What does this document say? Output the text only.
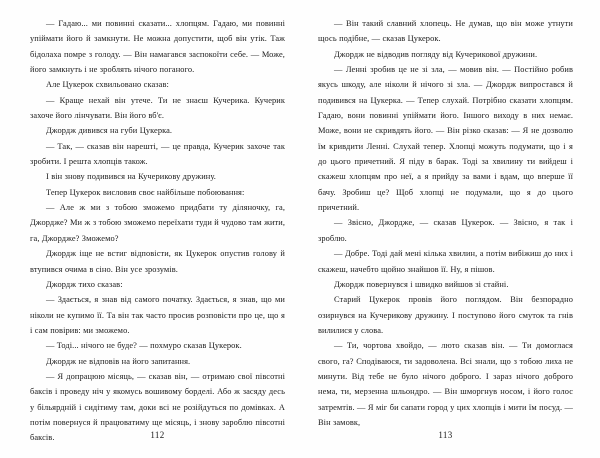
— Гадаю... ми повинні сказати... хлопцям. Гадаю, ми повинні упіймати його й замкнути. Не можна допустити, щоб він утік. Таж бідолаха помре з голоду. — Він намагався заспокоїти себе. — Може, його замкнуть і не зроблять нічого поганого.

Але Цукерок схвильовано сказав:

— Краще нехай він утече. Ти не знаєш Кучерика. Кучерик захоче його лінчувати. Він його вб'є.

Джордж дивився на губи Цукерка.

— Так, — сказав він нарешті, — це правда, Кучерик захоче так зробити. І решта хлопців також.

І він знову подивився на Кучерикову дружину.

Тепер Цукерок висловив своє найбільше побоювання:

— Але ж ми з тобою зможемо придбати ту діляночку, га, Джордже? Ми ж з тобою зможемо переїхати туди й чудово там жити, га, Джордже? Зможемо?

Джордж іще не встиг відповісти, як Цукерок опустив голову й втупився очима в сіно. Він усе зрозумів.

Джордж тихо сказав:

— Здається, я знав від самого початку. Здається, я знав, що ми ніколи не купимо її. Та він так часто просив розповісти про це, що я і сам повірив: ми зможемо.

— Тоді... нічого не буде? — похмуро сказав Цукерок.

Джордж не відповів на його запитання.

— Я допрацюю місяць, — сказав він, — отримаю свої півсотні баксів і проведу ніч у якомусь вошивому борделі. Або ж засяду десь у більярдній і сидітиму там, доки всі не розійдуться по домівках. А потім повернуся й працюватиму ще місяць, і знову зароблю півсотні баксів.	112

— Він такий славний хлопець. Не думав, що він може утнути щось подібне, — сказав Цукерок.

Джордж не відводив погляду від Кучерикової дружини.

— Ленні зробив це не зі зла, — мовив він. — Постійно робив якусь шкоду, але ніколи й нічого зі зла. — Джордж випростався й подивився на Цукерка. — Тепер слухай. Потрібно сказати хлопцям. Гадаю, вони повинні упіймати його. Іншого виходу в них немає. Може, вони не скривдять його. — Він різко сказав: — Я не дозволю їм кривдити Ленні. Слухай тепер. Хлопці можуть подумати, що і я до цього причетний. Я піду в барак. Тоді за хвилину ти вийдеш і скажеш хлопцям про неї, а я прийду за вами і вдам, що вперше її бачу. Зробиш це? Щоб хлопці не подумали, що я до цього причетний.

— Звісно, Джордже, — сказав Цукерок. — Звісно, я так і зроблю.

— Добре. Тоді дай мені кілька хвилин, а потім вибіжиш до них і скажеш, начебто щойно знайшов її. Ну, я пішов.

Джордж повернувся і швидко вийшов зі стайні.

Старий Цукерок провів його поглядом. Він безпорадно озирнувся на Кучерикову дружину. І поступово його смуток та гнів вилилися у слова.

— Ти, чортова хвойдо, — люто сказав він. — Ти домоглася свого, га? Сподіваюся, ти задоволена. Всі знали, що з тобою лиха не минути. Від тебе не було нічого доброго. І зараз нічого доброго нема, ти, мерзенна шльондро. — Він шморгнув носом, і його голос затремтів. — Я міг би сапати город у цих хлопців і мити їм посуд. — Він замовк,

113
